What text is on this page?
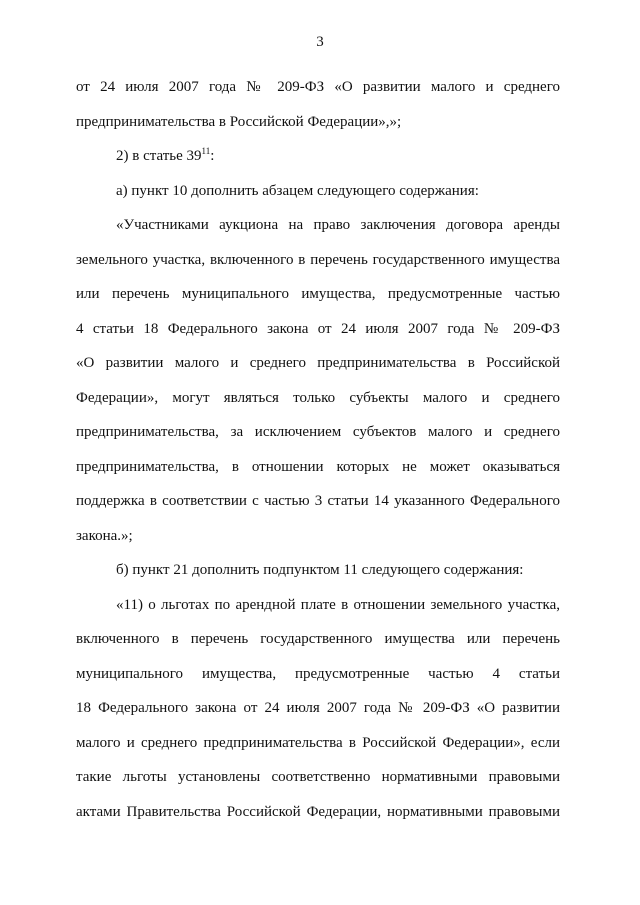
3
от 24 июля 2007 года № 209-ФЗ «О развитии малого и среднего
предпринимательства в Российской Федерации»,»;
2) в статье $39^{11}$:
а) пункт 10 дополнить абзацем следующего содержания:
«Участниками аукциона на право заключения договора аренды
земельного участка, включенного в перечень государственного имущества
или перечень муниципального имущества, предусмотренные частью
4 статьи 18 Федерального закона от 24 июля 2007 года № 209-ФЗ
«О развитии малого и среднего предпринимательства в Российской
Федерации», могут являться только субъекты малого и среднего
предпринимательства, за исключением субъектов малого и среднего
предпринимательства, в отношении которых не может оказываться
поддержка в соответствии с частью 3 статьи 14 указанного Федерального
закона.»;
б) пункт 21 дополнить подпунктом 11 следующего содержания:
«11) о льготах по арендной плате в отношении земельного участка,
включенного в перечень государственного имущества или перечень
муниципального имущества, предусмотренные частью 4 статьи
18 Федерального закона от 24 июля 2007 года № 209-ФЗ «О развитии
малого и среднего предпринимательства в Российской Федерации», если
такие льготы установлены соответственно нормативными правовыми
актами Правительства Российской Федерации, нормативными правовыми
